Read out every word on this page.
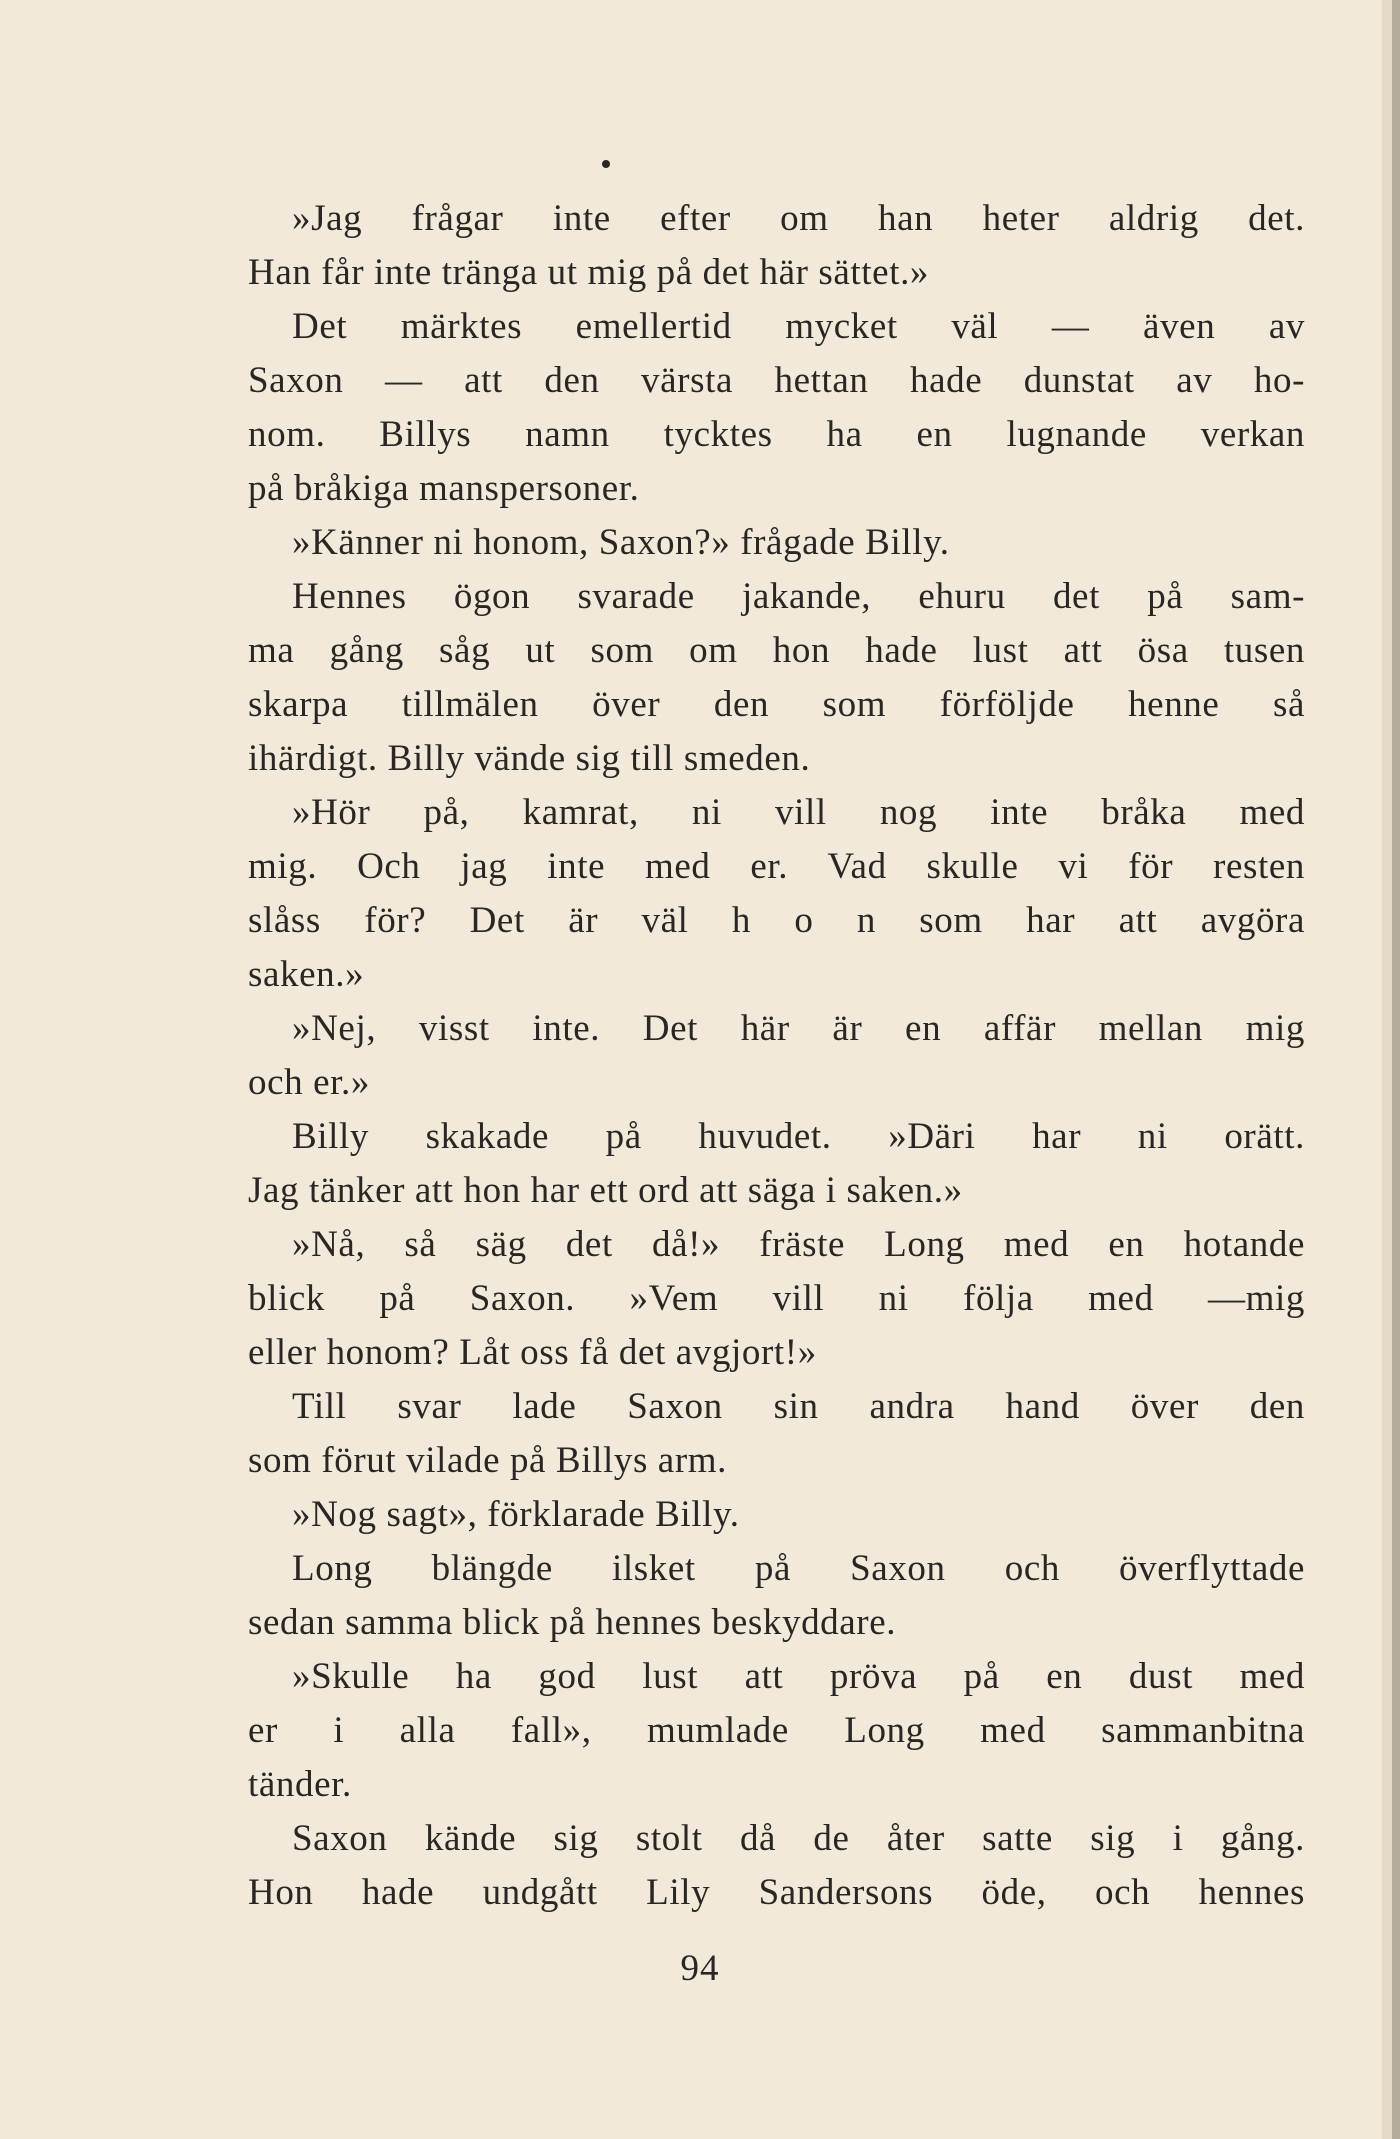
»Jag frågar inte efter om han heter aldrig det.
Han får inte tränga ut mig på det här sättet.»
Det märktes emellertid mycket väl — även av
Saxon — att den värsta hettan hade dunstat av ho-
nom. Billys namn tycktes ha en lugnande verkan
på bråkiga manspersoner.
»Känner ni honom, Saxon?» frågade Billy.
Hennes ögon svarade jakande, ehuru det på sam-
ma gång såg ut som om hon hade lust att ösa tusen
skarpa tillmälen över den som förföljde henne så
ihärdigt. Billy vände sig till smeden.
»Hör på, kamrat, ni vill nog inte bråka med
mig. Och jag inte med er. Vad skulle vi för resten
slåss för? Det är väl h o n som har att avgöra
saken.»
»Nej, visst inte. Det här är en affär mellan mig
och er.»
Billy skakade på huvudet. »Däri har ni orätt.
Jag tänker att hon har ett ord att säga i saken.»
»Nå, så säg det då!» fräste Long med en hotande
blick på Saxon. »Vem vill ni följa med —mig
eller honom? Låt oss få det avgjort!»
Till svar lade Saxon sin andra hand över den
som förut vilade på Billys arm.
»Nog sagt», förklarade Billy.
Long blängde ilsket på Saxon och överflyttade
sedan samma blick på hennes beskyddare.
»Skulle ha god lust att pröva på en dust med
er i alla fall», mumlade Long med sammanbitna
tänder.
Saxon kände sig stolt då de åter satte sig i gång.
Hon hade undgått Lily Sandersons öde, och hennes
94
